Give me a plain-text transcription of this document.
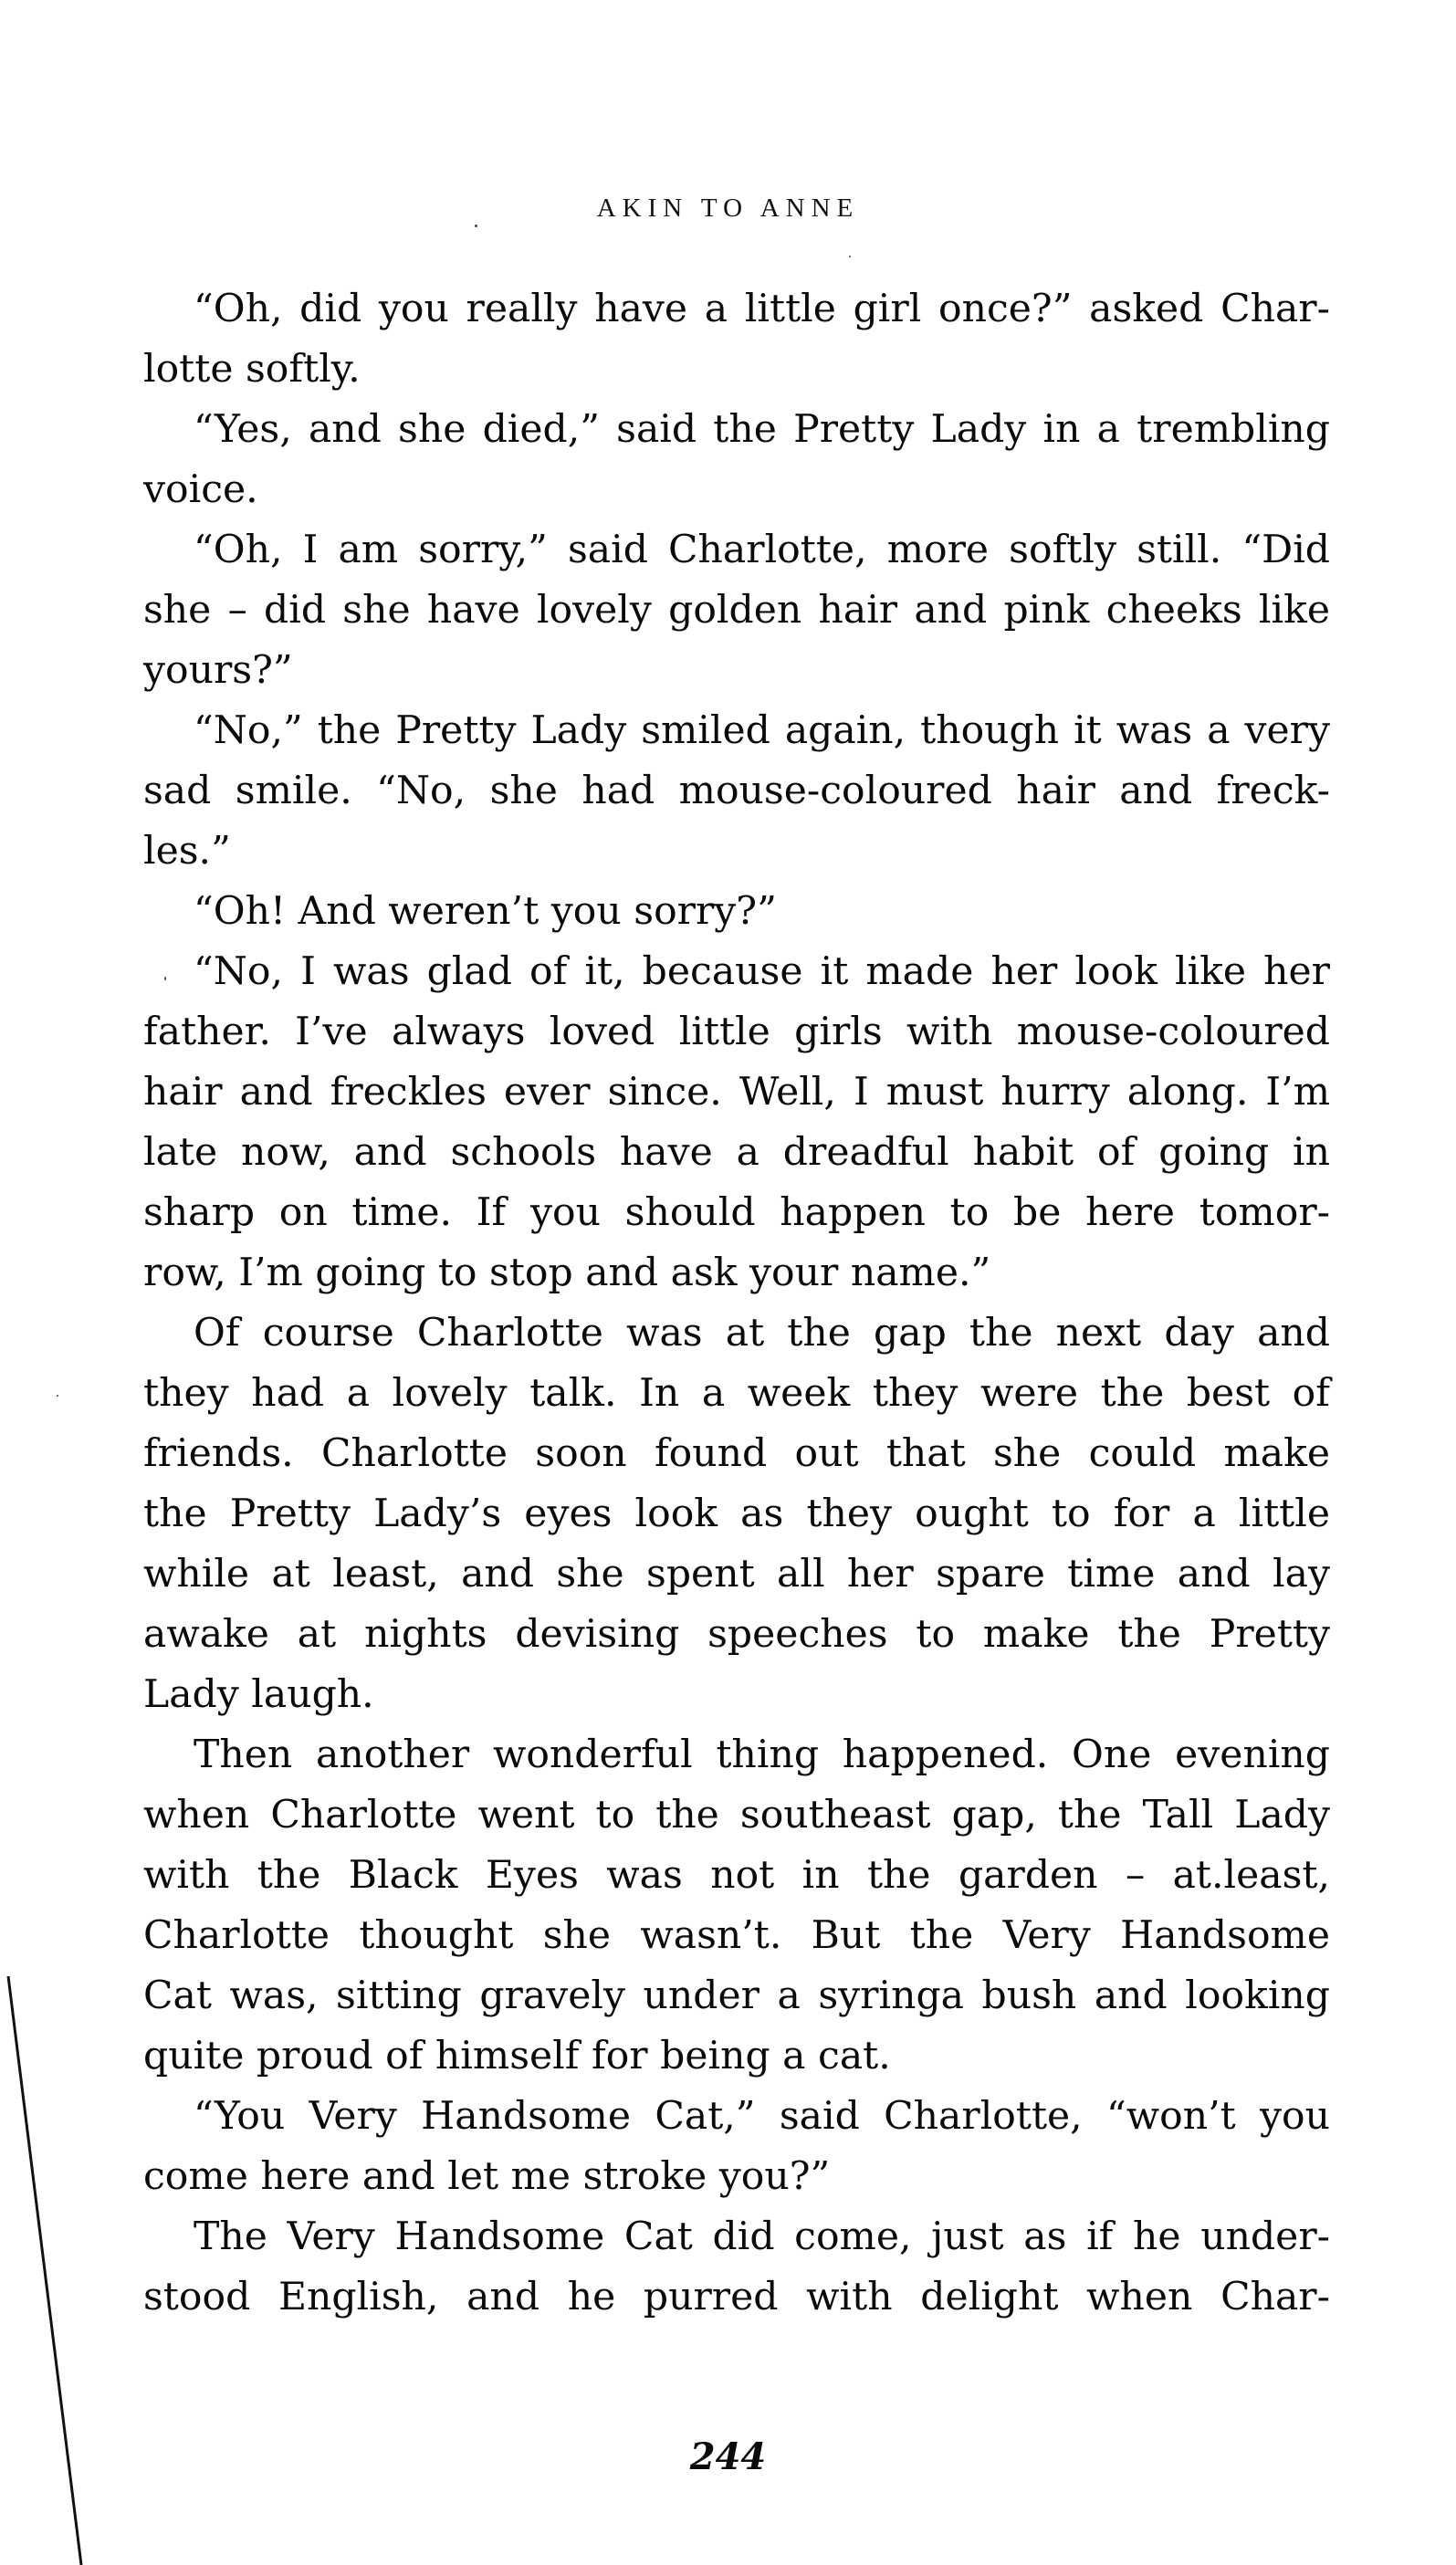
AKIN TO ANNE
“Oh, did you really have a little girl once?” asked Char-
lotte softly.
“Yes, and she died,” said the Pretty Lady in a trembling
voice.
“Oh, I am sorry,” said Charlotte, more softly still. “Did
she – did she have lovely golden hair and pink cheeks like
yours?”
“No,” the Pretty Lady smiled again, though it was a very
sad smile. “No, she had mouse-coloured hair and freck-
les.”
“Oh! And weren’t you sorry?”
“No, I was glad of it, because it made her look like her
father. I’ve always loved little girls with mouse-coloured
hair and freckles ever since. Well, I must hurry along. I’m
late now, and schools have a dreadful habit of going in
sharp on time. If you should happen to be here tomor-
row, I’m going to stop and ask your name.”
Of course Charlotte was at the gap the next day and
they had a lovely talk. In a week they were the best of
friends. Charlotte soon found out that she could make
the Pretty Lady’s eyes look as they ought to for a little
while at least, and she spent all her spare time and lay
awake at nights devising speeches to make the Pretty
Lady laugh.
Then another wonderful thing happened. One evening
when Charlotte went to the southeast gap, the Tall Lady
with the Black Eyes was not in the garden – at.least,
Charlotte thought she wasn’t. But the Very Handsome
Cat was, sitting gravely under a syringa bush and looking
quite proud of himself for being a cat.
“You Very Handsome Cat,” said Charlotte, “won’t you
come here and let me stroke you?”
The Very Handsome Cat did come, just as if he under-
stood English, and he purred with delight when Char-
244
